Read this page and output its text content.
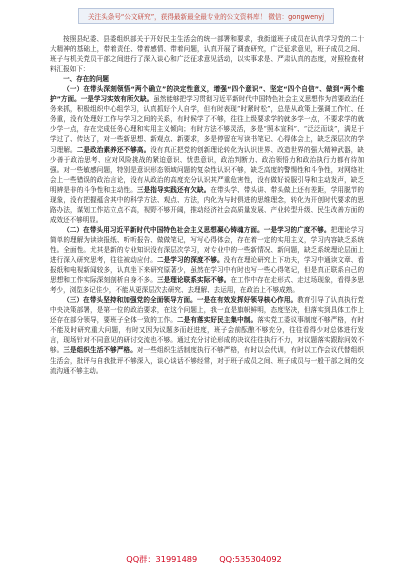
关注头条号“公文研究”，获得最新最全最专业的公文资料库！ 微信：gongwenyj

按照县纪委、县委组织部关于开好民主生活会的统一部署和要求，我街道班子成员在认真学习党的二十大精神的基础上，带着责任、带着感情、带着问题，认真开展了调查研究，广泛征求意见，班子成员之间、班子与机关党员干部之间进行了深入谈心和广泛征求意见活动，以实事求是、严肃认真的态度，对照检查材料汇报如下：

一、存在的问题

（一）在带头深刻领悟“两个确立”的决定性意义，增强“四个意识”、坚定“四个自信”、做到“两个维护”方面。一是学习实效有所欠缺。虽然能够把学习贯彻习近平新时代中国特色社会主义思想作为首要政治任务来抓，积极组织中心组学习，认真抓好个人自学，但有时表现“时紧时松”，总是从政策上强调工作忙、任务重，没有处理好工作与学习之间的关系，有时候学了不够，往往上级要求学的就多学一点，不要求学的就少学一点，存在完成任务心理和实用主义倾向；有时方法不够灵活，多是“照本宣科”、“泛泛而谈”，满足于学过了、传达了，对一些新思想、新观点、新要求，多是停留在写读书笔记、心得体会上，缺乏深层次的学习理解。二是政治素养还不够高。没有真正把党的创新理论转化为认识世界、改造世界的强大精神武器，缺少善于政治思考、应对风险挑战的紧迫意识、忧患意识，政治判断力、政治领悟力和政治执行力都有待加强。对一些敏感问题，特别是意识形态领域问题的复杂性认识不够，缺乏高度的警惕性和斗争性，对网络社会上一些错误的政治言论，没有从政治的高度充分认识其严重危害性，没有做好说服引导和主动发声，缺乏明辨是非的斗争性和主动性。三是指导实践还有欠缺。在带头学、带头讲、带头做上还有差距，学用脱节的现象，没有把握蕴含其中的科学方法、观点、方法，内化为与时俱进的思维理念，转化为开创时代要求的思路办法，谋划工作站立点不高，视野不够开阔，推动经济社会高质量发展、产业转型升级、民生改善方面的成效还不够明显。

（二）在带头用习近平新时代中国特色社会主义思想凝心铸魂方面。一是学习的广度不够。把理论学习简单的理解为读读报纸、听听报告、做做笔记，写写心得体会，存在着一定的实用主义，学习内容缺乏系统性。全面性。尤其是新的专业知识没有深层次学习，对专业中的一些新情况、新问题，缺乏系统理论层面上进行深入研究思考，往往被动应付。二是学习的深度不够。没有在理论研究上下功夫，学习中通读文章、看报纸和电视新闻较多，认真坐下来研究原著少，虽然在学习中有时也写一些心得笔记，但是真正联系自己的思想和工作实际深刻剖析自身不多。三是理论联系实际不够。在工作中存在走形式、走过场现象，看得多思考少，浏览多记住少，不能从更深层次去研究、去理解、去运用，在政治上不够成熟。

（三）在带头坚持和加强党的全面领导方面。一是在有效发挥好领导核心作用。教育引导了认真执行党中央决策部署，是第一位的政治要求，在这个问题上，我一直是旗帜鲜明，态度坚决，但落实到具体工作上还存在部分领导，要班子全体一致的工作。二是有落实好民主集中制。落实党工委议事制度不够严格，有时不能及时研究重大问题，有时又因为议题多而赶进度，班子会前酝酿不够充分，往往看得少对总体进行发言，现场针对不同意见的研讨交流也不够。通过充分讨论形成的决议往往执行不力，对议题落实跟踪问效不够。三是组织生活不够严格。对一些组织生活制度执行不够严格，有时以会代训，有时以工作会议代替组织生活会，批评与自我批评不够深入，谈心谈话不够经常，对于班子成员之间、班子成员与一般干部之间的交流沟通不够主动。

QQ群：31991489	QQ:535304092
